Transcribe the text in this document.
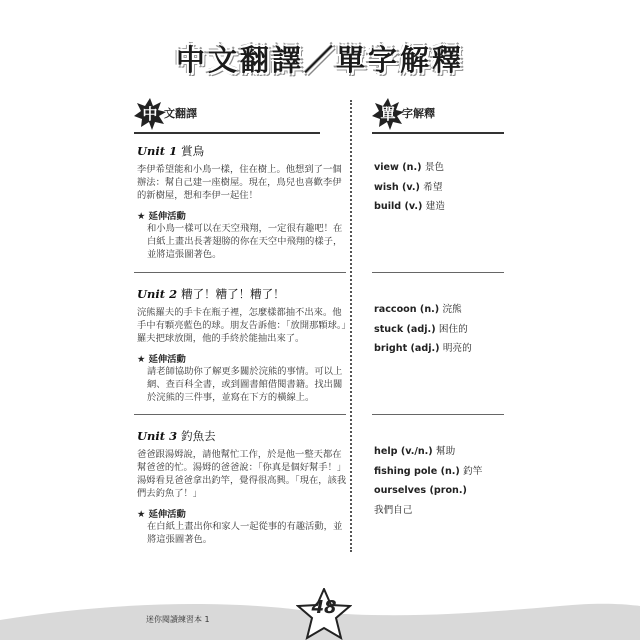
中文翻譯／單字解釋
中 文翻譯	單 字解釋
Unit 1 賞鳥
李伊希望能和小鳥一樣，住在樹上。他想到了一個辦法：幫自己建一座樹屋。現在，鳥兒也喜歡李伊的新樹屋，想和李伊一起住！
★ 延伸活動
和小鳥一樣可以在天空飛翔，一定很有趣吧！在白紙上畫出長著翅膀的你在天空中飛翔的樣子，並將這張圖著色。
Unit 2 糟了！糟了！糟了！
浣熊羅夫的手卡在瓶子裡，怎麼樣都抽不出來。他手中有顆亮藍色的球。朋友告訴他：「放開那顆球。」羅夫把球放開，他的手終於能抽出來了。
★ 延伸活動
請老師協助你了解更多關於浣熊的事情。可以上網、查百科全書，或到圖書館借閱書籍。找出關於浣熊的三件事，並寫在下方的橫線上。
Unit 3 釣魚去
爸爸跟湯姆說，請他幫忙工作，於是他一整天都在幫爸爸的忙。湯姆的爸爸說：「你真是個好幫手！」湯姆看見爸爸拿出釣竿，覺得很高興。「現在，該我們去釣魚了！」
★ 延伸活動
在白紙上畫出你和家人一起從事的有趣活動，並將這張圖著色。
view (n.) 景色
wish (v.) 希望
build (v.) 建造
raccoon (n.) 浣熊
stuck (adj.) 困住的
bright (adj.) 明亮的
help (v./n.) 幫助
fishing pole (n.) 釣竿
ourselves (pron.)
我們自己
迷你閱讀練習本 1
48
